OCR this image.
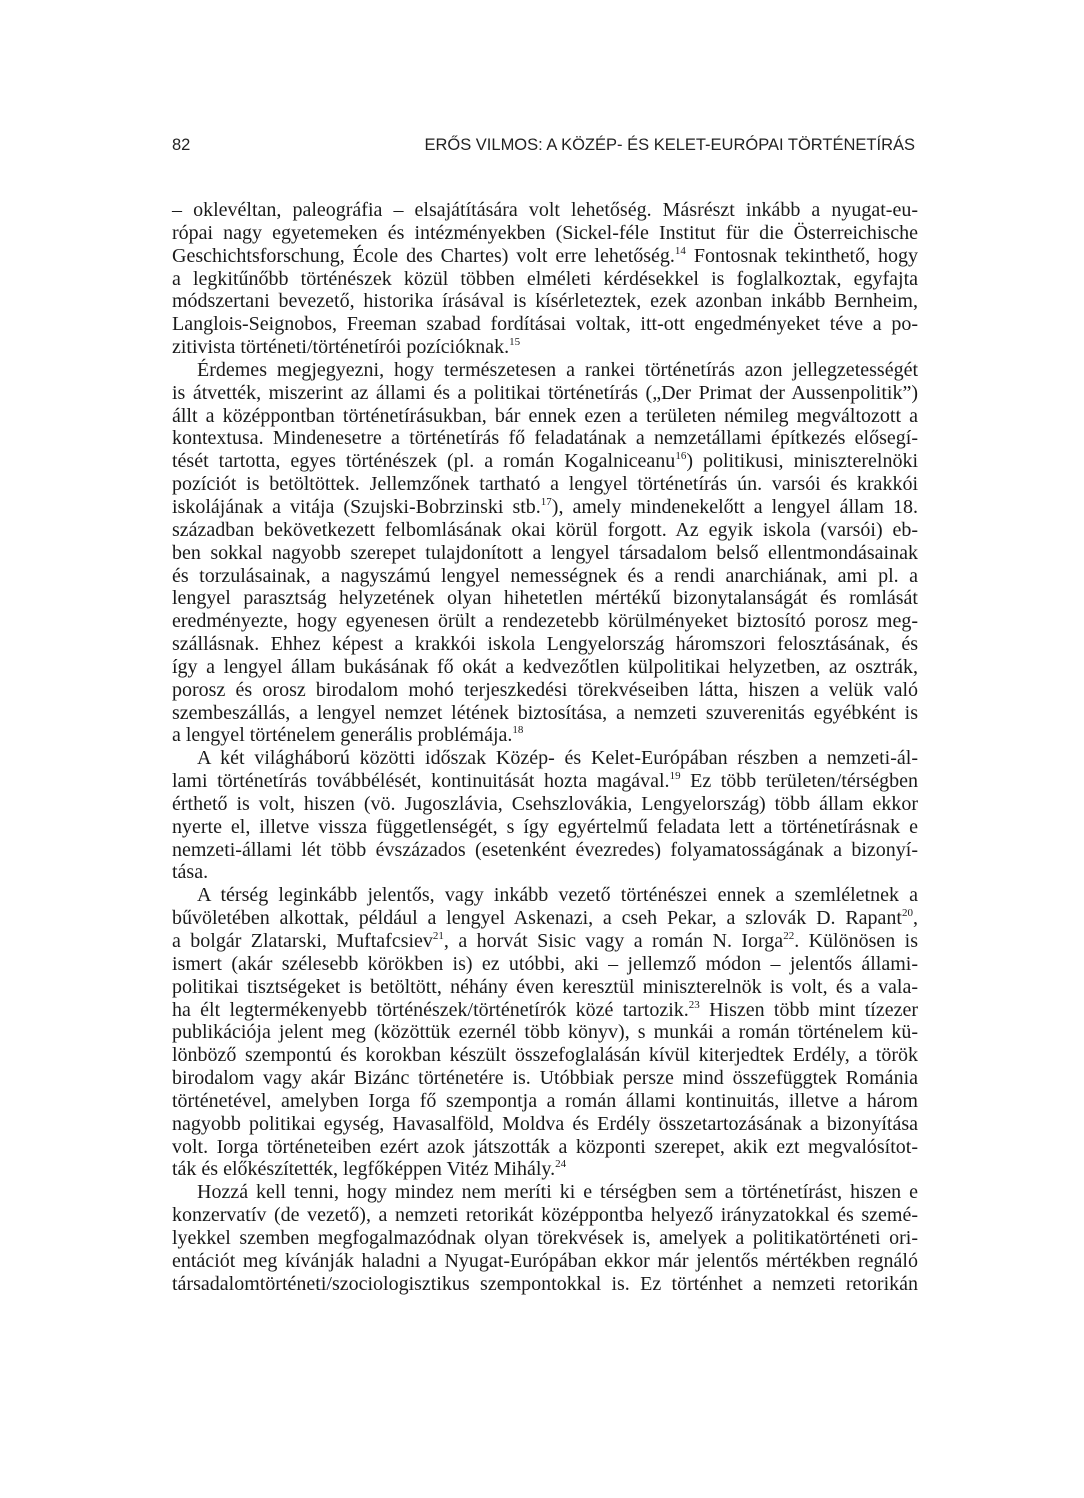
82	ERŐS VILMOS: A KÖZÉP- ÉS KELET-EURÓPAI TÖRTÉNETÍRÁS
– oklevéltan, paleográfia – elsajátítására volt lehetőség. Másrészt inkább a nyugat-eu-
rópai nagy egyetemeken és intézményekben (Sickel-féle Institut für die Österreichische
Geschichtsforschung, École des Chartes) volt erre lehetőség.$^{14}$ Fontosnak tekinthető, hogy
a legkitűnőbb történészek közül többen elméleti kérdésekkel is foglalkoztak, egyfajta
módszertani bevezető, historika írásával is kísérleteztek, ezek azonban inkább Bernheim,
Langlois-Seignobos, Freeman szabad fordításai voltak, itt-ott engedményeket téve a po-
zitivista történeti/történetírói pozícióknak.$^{15}$
Érdemes megjegyezni, hogy természetesen a rankei történetírás azon jellegzetességét
is átvették, miszerint az állami és a politikai történetírás („Der Primat der Aussenpolitik”)
állt a középpontban történetírásukban, bár ennek ezen a területen némileg megváltozott a
kontextusa. Mindenesetre a történetírás fő feladatának a nemzetállami építkezés elősegí-
tését tartotta, egyes történészek (pl. a román Kogalniceanu$^{16}$) politikusi, miniszterelnöki
pozíciót is betöltöttek. Jellemzőnek tartható a lengyel történetírás ún. varsói és krakkói
iskolájának a vitája (Szujski-Bobrzinski stb.$^{17}$), amely mindenekelőtt a lengyel állam 18.
században bekövetkezett felbomlásának okai körül forgott. Az egyik iskola (varsói) eb-
ben sokkal nagyobb szerepet tulajdonított a lengyel társadalom belső ellentmondásainak
és torzulásainak, a nagyszámú lengyel nemességnek és a rendi anarchiának, ami pl. a
lengyel parasztság helyzetének olyan hihetetlen mértékű bizonytalanságát és romlását
eredményezte, hogy egyenesen örült a rendezetebb körülményeket biztosító porosz meg-
szállásnak. Ehhez képest a krakkói iskola Lengyelország háromszori felosztásának, és
így a lengyel állam bukásának fő okát a kedvezőtlen külpolitikai helyzetben, az osztrák,
porosz és orosz birodalom mohó terjeszkedési törekvéseiben látta, hiszen a velük való
szembeszállás, a lengyel nemzet létének biztosítása, a nemzeti szuverenitás egyébként is
a lengyel történelem generális problémája.$^{18}$
A két világháború közötti időszak Közép- és Kelet-Európában részben a nemzeti-ál-
lami történetírás továbbélését, kontinuitását hozta magával.$^{19}$ Ez több területen/térségben
érthető is volt, hiszen (vö. Jugoszlávia, Csehszlovákia, Lengyelország) több állam ekkor
nyerte el, illetve vissza függetlenségét, s így egyértelmű feladata lett a történetírásnak e
nemzeti-állami lét több évszázados (esetenként évezredes) folyamatosságának a bizonyí-
tása.
A térség leginkább jelentős, vagy inkább vezető történészei ennek a szemléletnek a
bűvöletében alkottak, például a lengyel Askenazi, a cseh Pekar, a szlovák D. Rapant$^{20}$,
a bolgár Zlatarski, Muftafcsiev$^{21}$, a horvát Sisic vagy a román N. Iorga$^{22}$. Különösen is
ismert (akár szélesebb körökben is) ez utóbbi, aki – jellemző módon – jelentős állami-
politikai tisztségeket is betöltött, néhány éven keresztül miniszterelnök is volt, és a vala-
ha élt legtermékenyebb történészek/történetírók közé tartozik.$^{23}$ Hiszen több mint tízezer
publikációja jelent meg (közöttük ezernél több könyv), s munkái a román történelem kü-
lönböző szempontú és korokban készült összefoglalásán kívül kiterjedtek Erdély, a török
birodalom vagy akár Bizánc történetére is. Utóbbiak persze mind összefüggtek Románia
történetével, amelyben Iorga fő szempontja a román állami kontinuitás, illetve a három
nagyobb politikai egység, Havasalföld, Moldva és Erdély összetartozásának a bizonyítása
volt. Iorga történeteiben ezért azok játszották a központi szerepet, akik ezt megvalósítot-
ták és előkészítették, legfőképpen Vitéz Mihály.$^{24}$
Hozzá kell tenni, hogy mindez nem meríti ki e térségben sem a történetírást, hiszen e
konzervatív (de vezető), a nemzeti retorikát középpontba helyező irányzatokkal és szemé-
lyekkel szemben megfogalmazódnak olyan törekvések is, amelyek a politikatörténeti ori-
entációt meg kívánják haladni a Nyugat-Európában ekkor már jelentős mértékben regnáló
társadalomtörténeti/szociologisztikus szempontokkal is. Ez történhet a nemzeti retorikán
